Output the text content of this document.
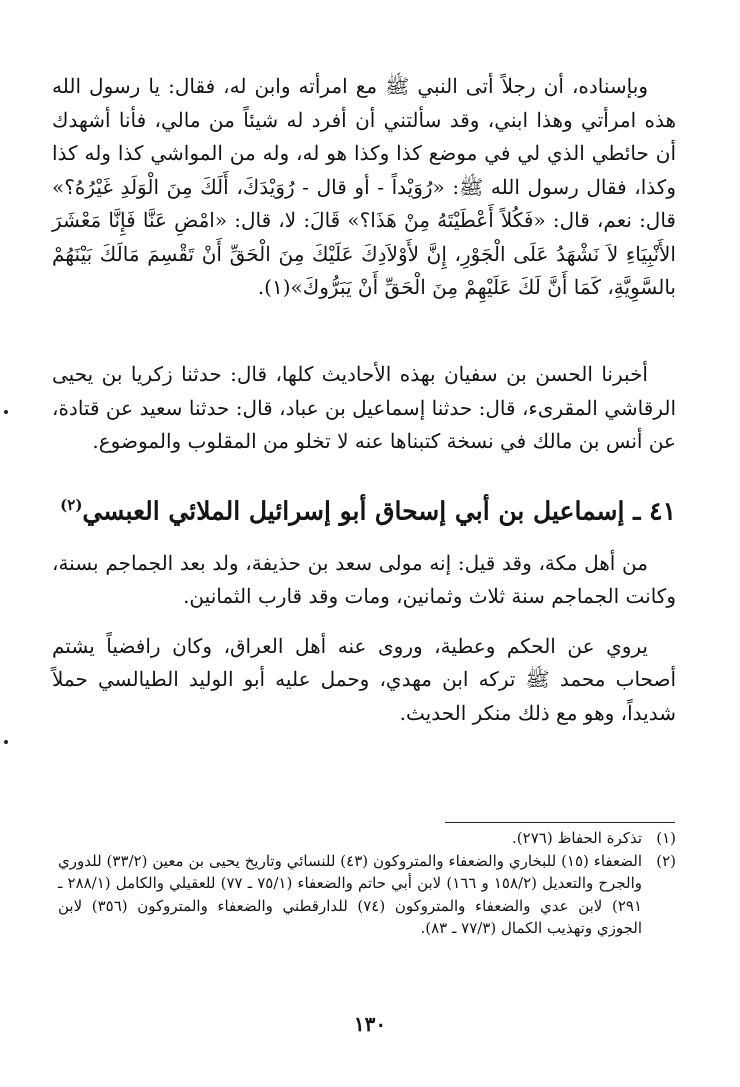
وبإسناده، أن رجلاً أتى النبي ﷺ مع امرأته وابن له، فقال: يا رسول الله هذه امرأتي وهذا ابني، وقد سألتني أن أفرد له شيئاً من مالي، فأنا أشهدك أن حائطي الذي لي في موضع كذا وكذا هو له، وله من المواشي كذا وله كذا وكذا، فقال رسول الله ﷺ: «رُوَيْداً - أو قال - رُوَيْدَكَ، أَلَكَ مِنَ الْوَلَدِ غَيْرُهُ؟» قال: نعم، قال: «فَكُلاً أَعْطَيْتَهُ مِنْ هَذَا؟» قَالَ: لا، قال: «امْضِ عَنَّا فَإِنَّا مَعْشَرَ الأَنْبِيَاءِ لاَ نَشْهَدُ عَلَى الْجَوْرِ، إِنَّ لأَوْلاَدِكَ عَلَيْكَ مِنَ الْحَقِّ أَنْ تَقْسِمَ مَالَكَ بَيْنَهُمْ بالسَّوِيَّةِ، كَمَا أَنَّ لَكَ عَلَيْهِمْ مِنَ الْحَقِّ أَنْ يَبَرُّوكَ»(١).

أخبرنا الحسن بن سفيان بهذه الأحاديث كلها، قال: حدثنا زكريا بن يحيى الرقاشي المقرىء، قال: حدثنا إسماعيل بن عباد، قال: حدثنا سعيد عن قتادة، عن أنس بن مالك في نسخة كتبناها عنه لا تخلو من المقلوب والموضوع.

٤١ ـ إسماعيل بن أبي إسحاق أبو إسرائيل الملائي العبسي$^{(٢)}$

من أهل مكة، وقد قيل: إنه مولى سعد بن حذيفة، ولد بعد الجماجم بسنة، وكانت الجماجم سنة ثلاث وثمانين، ومات وقد قارب الثمانين.

يروي عن الحكم وعطية، وروى عنه أهل العراق، وكان رافضياً يشتم أصحاب محمد ﷺ تركه ابن مهدي، وحمل عليه أبو الوليد الطيالسي حملاً شديداً، وهو مع ذلك منكر الحديث.

(١)
تذكرة الحفاظ (٢٧٦).
(٢)
الضعفاء (١٥) للبخاري والضعفاء والمتروكون (٤٣) للنسائي وتاريخ يحيى بن معين (٣٣/٢) للدوري والجرح والتعديل (١٥٨/٢ و ١٦٦) لابن أبي حاتم والضعفاء (٧٥/١ ـ ٧٧) للعقيلي والكامل (٢٨٨/١ ـ ٢٩١) لابن عدي والضعفاء والمتروكون (٧٤) للدارقطني والضعفاء والمتروكون (٣٥٦) لابن الجوزي وتهذيب الكمال (٧٧/٣ ـ ٨٣).
١٣٠
